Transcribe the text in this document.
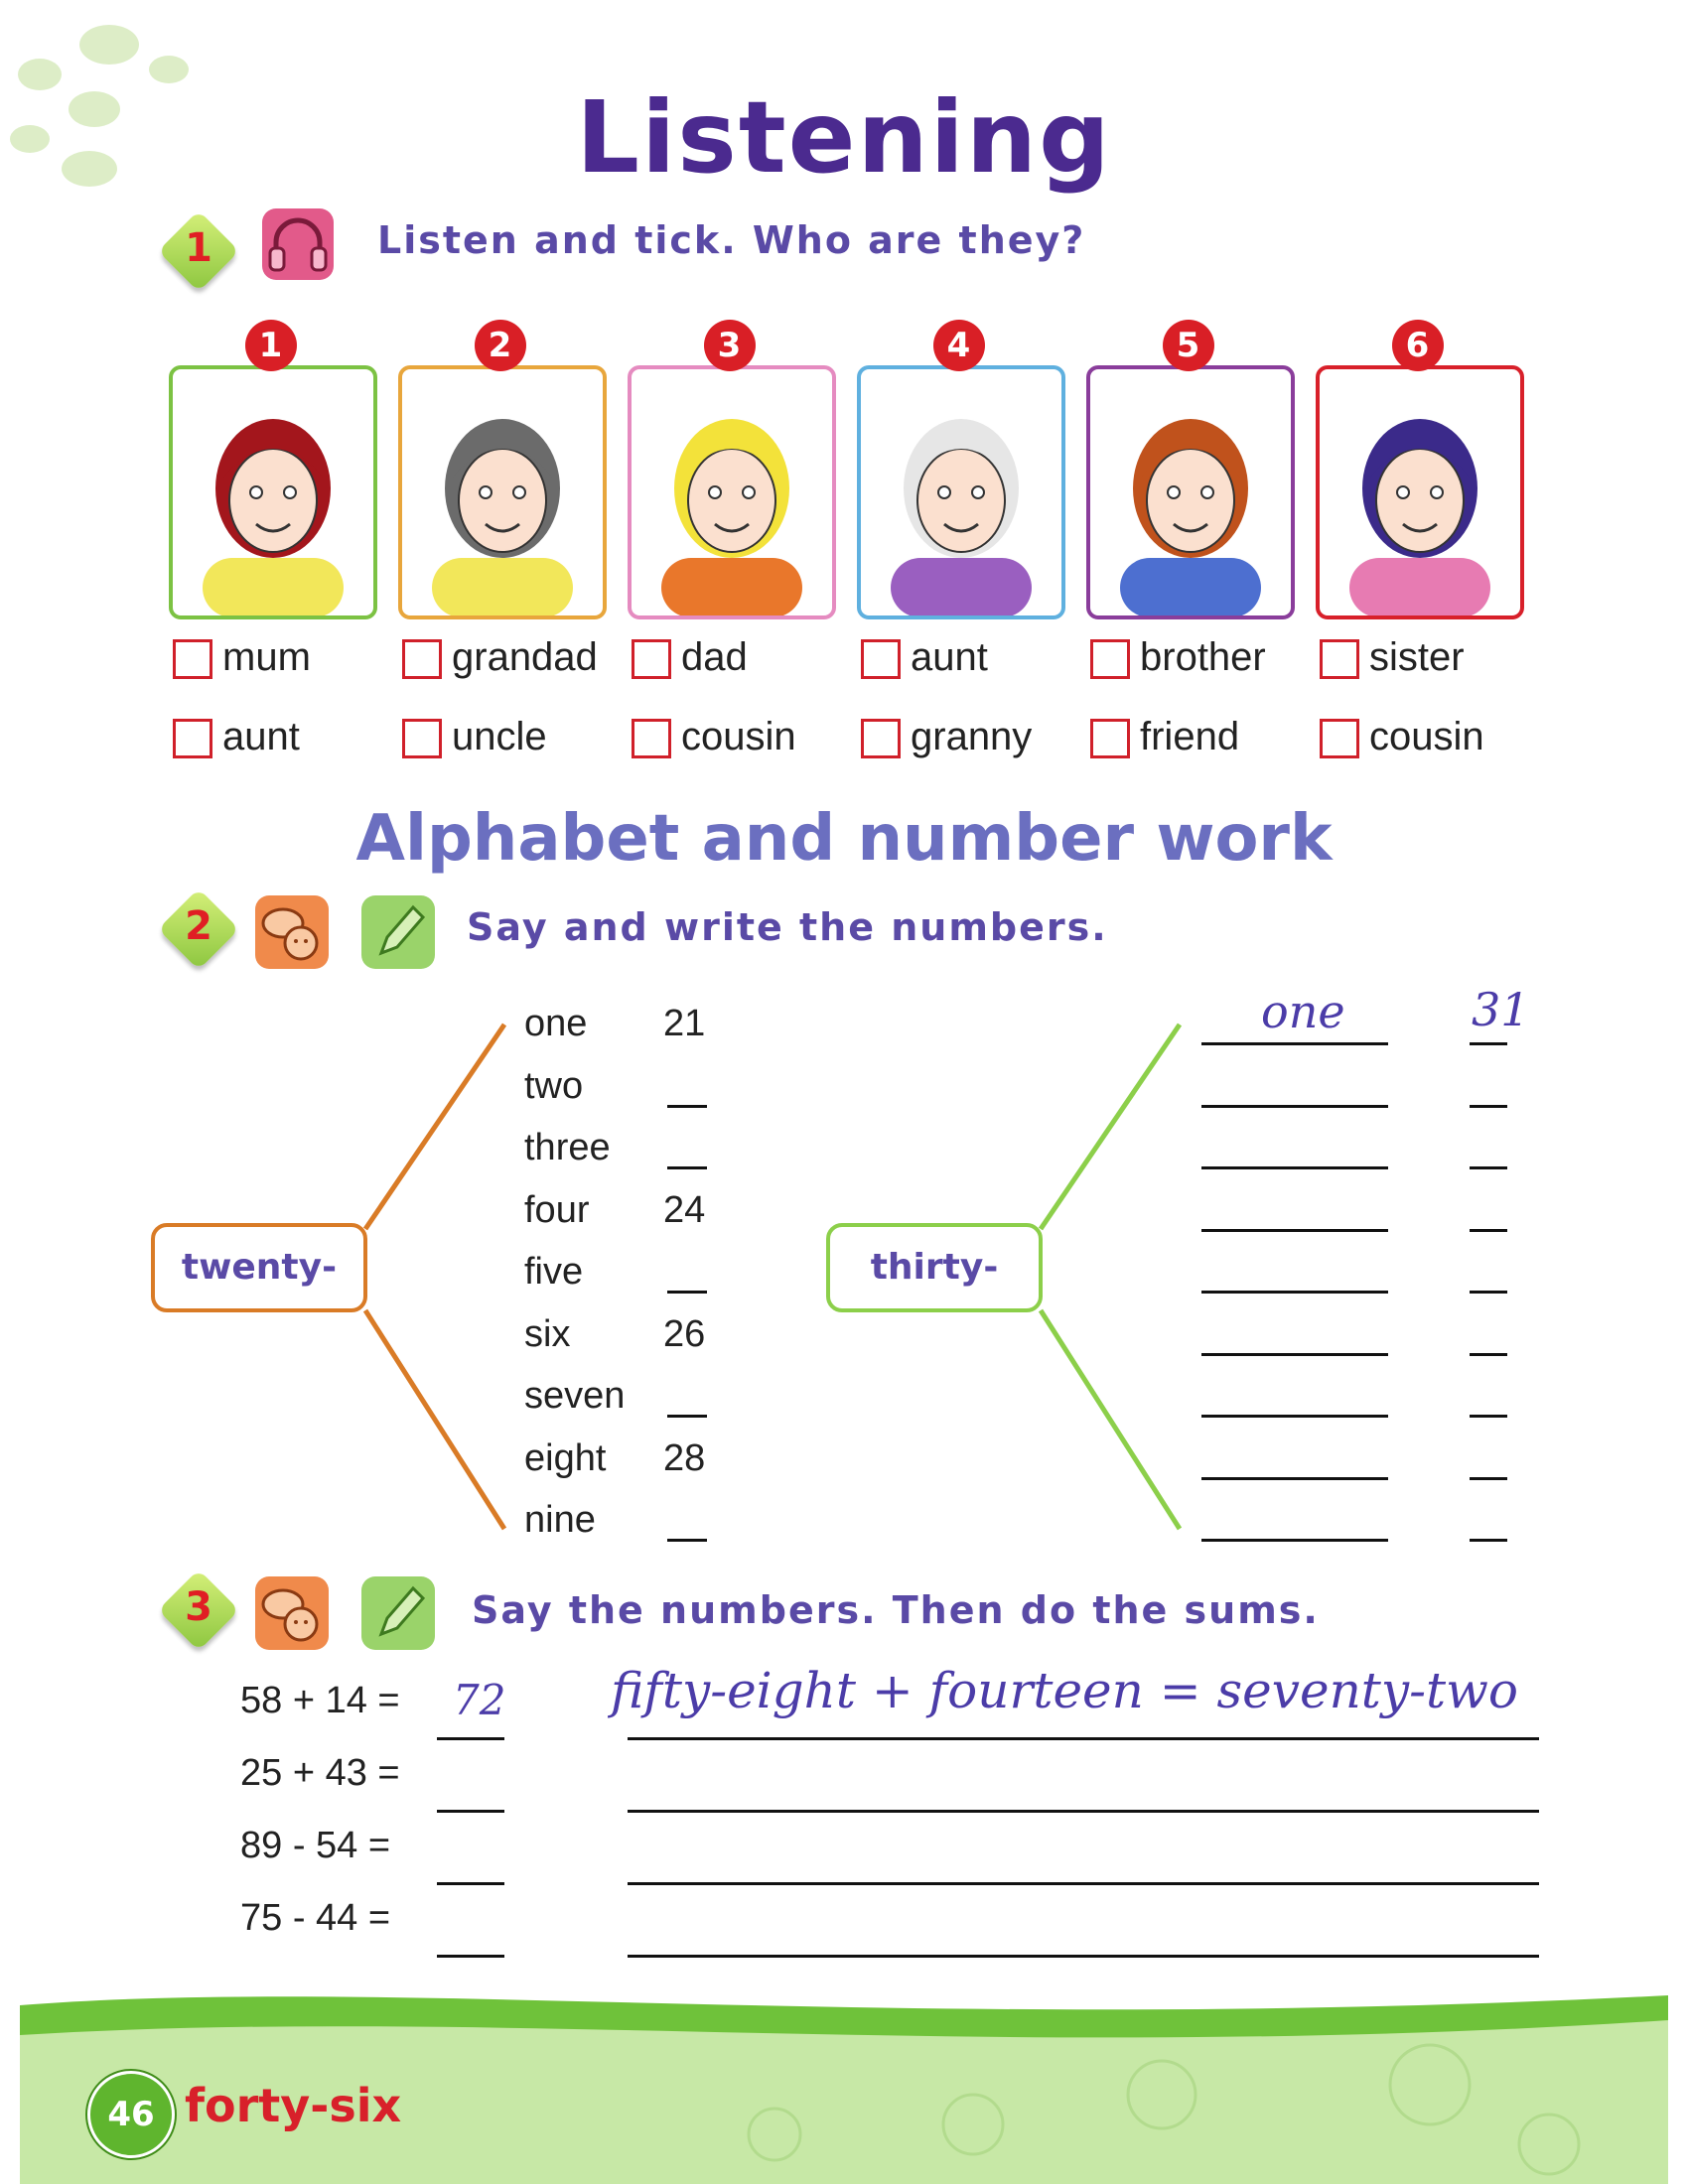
Listening
1	Listen and tick. Who are they?
1
mum
aunt
2
grandad
uncle
3
dad
cousin
4
aunt
granny
5
brother
friend
6
sister
cousin
Alphabet and number work
2	Say and write the numbers.
twenty-	thirty-
one 21
two
three
four 24
five
six 26
seven
eight 28
nine
one	31
3	Say the numbers. Then do the sums.
58 + 14 = 72 fifty-eight + fourteen = seventy-two
25 + 43 =
89 - 54 =
75 - 44 =
46 forty-six
